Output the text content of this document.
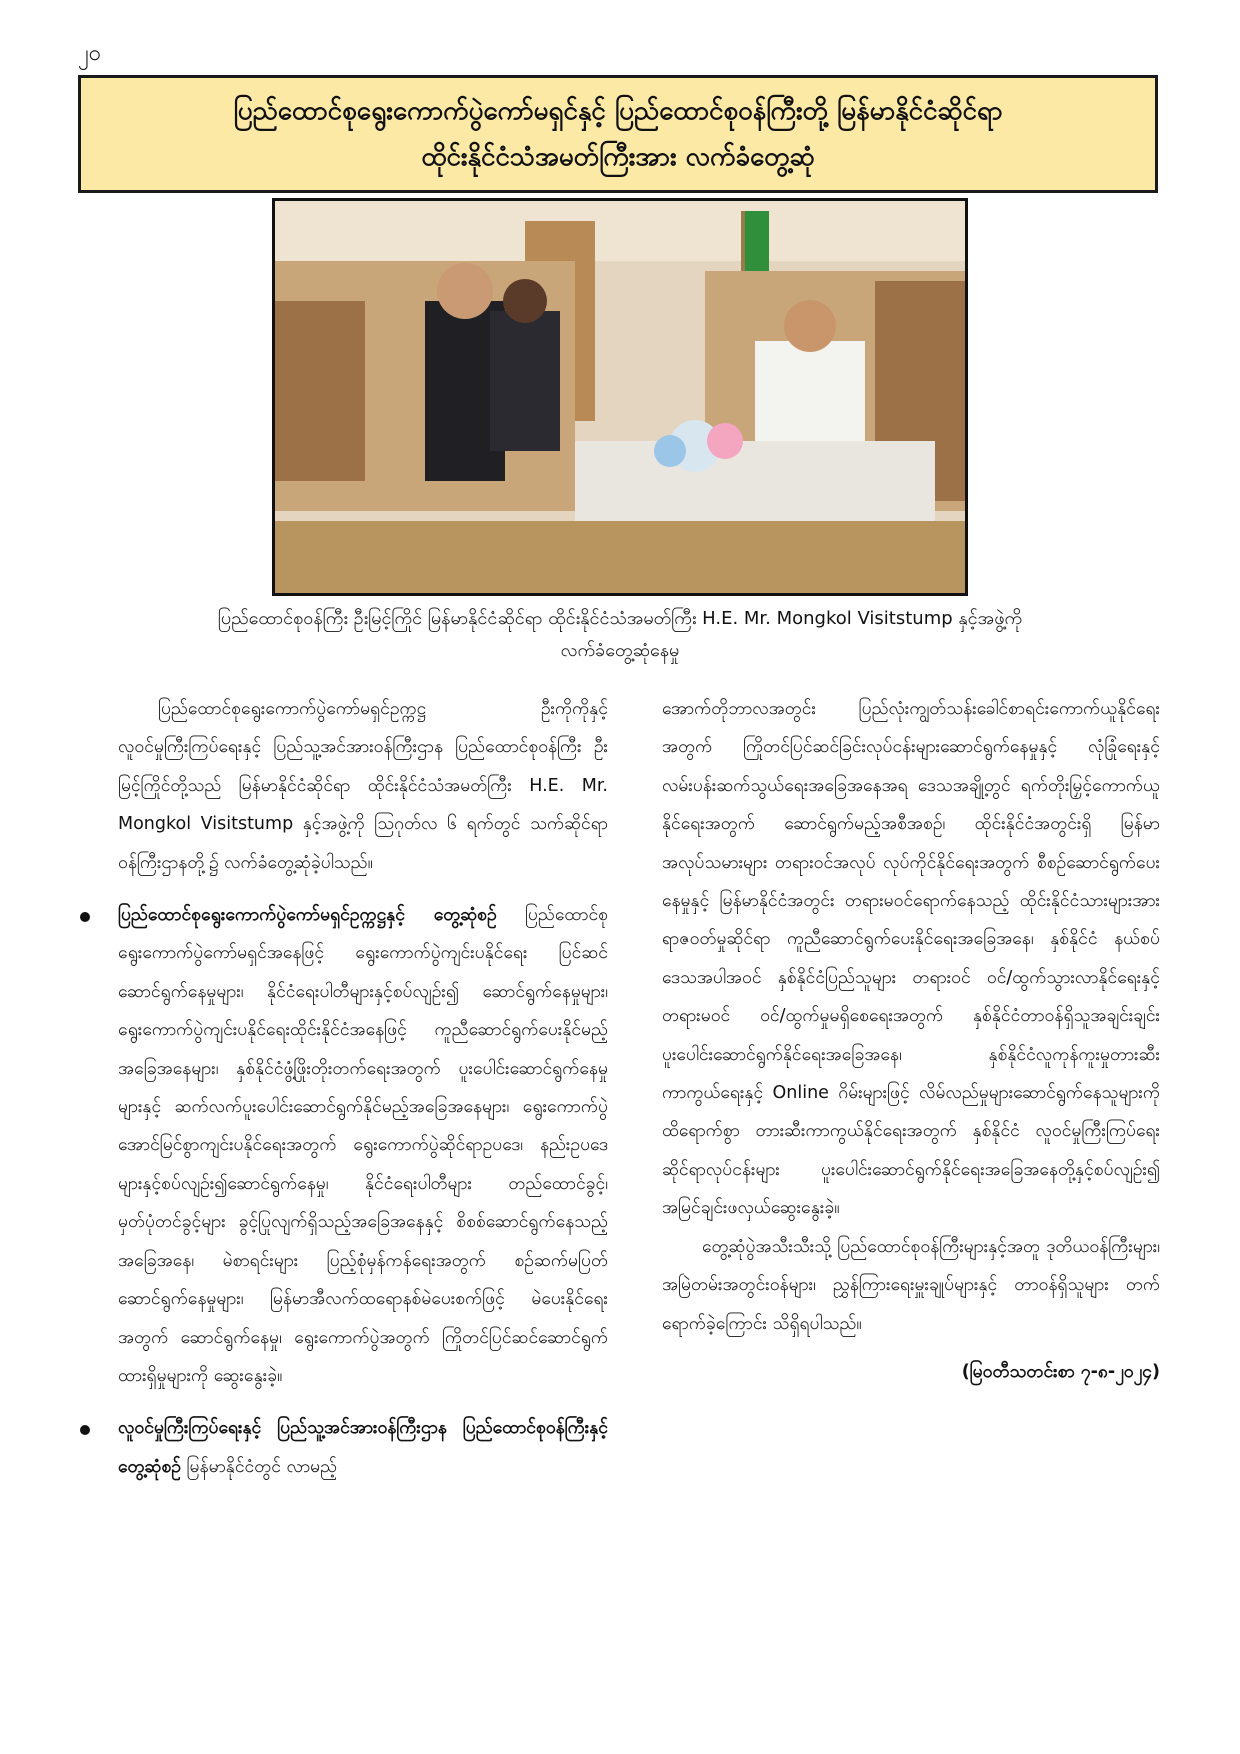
၂၀
ပြည်ထောင်စုရွေးကောက်ပွဲကော်မရှင်နှင့် ပြည်ထောင်စုဝန်ကြီးတို့ မြန်မာနိုင်ငံဆိုင်ရာ
ထိုင်းနိုင်ငံသံအမတ်ကြီးအား လက်ခံတွေ့ဆုံ
ပြည်ထောင်စုဝန်ကြီး ဦးမြင့်ကြိုင် မြန်မာနိုင်ငံဆိုင်ရာ ထိုင်းနိုင်ငံသံအမတ်ကြီး H.E. Mr. Mongkol Visitstump နှင့်အဖွဲ့ကို
လက်ခံတွေ့ဆုံနေမှု

ပြည်ထောင်စုရွေးကောက်ပွဲကော်မရှင်ဥက္ကဋ္ဌ ဦးကိုကိုနှင့် လူဝင်မှုကြီးကြပ်ရေးနှင့် ပြည်သူ့အင်အားဝန်ကြီးဌာန ပြည်ထောင်စုဝန်ကြီး ဦးမြင့်ကြိုင်တို့သည် မြန်မာနိုင်ငံဆိုင်ရာ ထိုင်းနိုင်ငံသံအမတ်ကြီး H.E. Mr. Mongkol Visitstump နှင့်အဖွဲ့ကို ဩဂုတ်လ ၆ ရက်တွင် သက်ဆိုင်ရာဝန်ကြီးဌာနတို့၌ လက်ခံတွေ့ဆုံခဲ့ပါသည်။

ပြည်ထောင်စုရွေးကောက်ပွဲကော်မရှင်ဥက္ကဋ္ဌနှင့် တွေ့ဆုံစဉ် ပြည်ထောင်စုရွေးကောက်ပွဲကော်မရှင်အနေဖြင့် ရွေးကောက်ပွဲကျင်းပနိုင်ရေး ပြင်ဆင်ဆောင်ရွက်နေမှုများ၊ နိုင်ငံရေးပါတီများနှင့်စပ်လျဉ်း၍ ဆောင်ရွက်နေမှုများ၊ ရွေးကောက်ပွဲကျင်းပနိုင်ရေးထိုင်းနိုင်ငံအနေဖြင့် ကူညီဆောင်ရွက်ပေးနိုင်မည့် အခြေအနေများ၊ နှစ်နိုင်ငံဖွံ့ဖြိုးတိုးတက်ရေးအတွက် ပူးပေါင်းဆောင်ရွက်နေမှုများနှင့် ဆက်လက်ပူးပေါင်းဆောင်ရွက်နိုင်မည့်အခြေအနေများ၊ ရွေးကောက်ပွဲ အောင်မြင်စွာကျင်းပနိုင်ရေးအတွက် ရွေးကောက်ပွဲဆိုင်ရာဥပဒေ၊ နည်းဥပဒေများနှင့်စပ်လျဉ်း၍ဆောင်ရွက်နေမှု၊ နိုင်ငံရေးပါတီများ တည်ထောင်ခွင့်၊ မှတ်ပုံတင်ခွင့်များ ခွင့်ပြုလျက်ရှိသည့်အခြေအနေနှင့် စိစစ်ဆောင်ရွက်နေသည့်အခြေအနေ၊ မဲစာရင်းများ ပြည့်စုံမှန်ကန်ရေးအတွက် စဉ်ဆက်မပြတ်ဆောင်ရွက်နေမှုများ၊ မြန်မာအီလက်ထရောနစ်မဲပေးစက်ဖြင့် မဲပေးနိုင်ရေးအတွက် ဆောင်ရွက်နေမှု၊ ရွေးကောက်ပွဲအတွက် ကြိုတင်ပြင်ဆင်ဆောင်ရွက်ထားရှိမှုများကို ဆွေးနွေးခဲ့။

လူဝင်မှုကြီးကြပ်ရေးနှင့် ပြည်သူ့အင်အားဝန်ကြီးဌာန ပြည်ထောင်စုဝန်ကြီးနှင့်တွေ့ဆုံစဉ် မြန်မာနိုင်ငံတွင် လာမည့်

အောက်တိုဘာလအတွင်း ပြည်လုံးကျွတ်သန်းခေါင်စာရင်းကောက်ယူနိုင်ရေးအတွက် ကြိုတင်ပြင်ဆင်ခြင်းလုပ်ငန်းများဆောင်ရွက်နေမှုနှင့် လုံခြုံရေးနှင့် လမ်းပန်းဆက်သွယ်ရေးအခြေအနေအရ ဒေသအချို့တွင် ရက်တိုးမြှင့်ကောက်ယူနိုင်ရေးအတွက် ဆောင်ရွက်မည့်အစီအစဉ်၊ ထိုင်းနိုင်ငံအတွင်းရှိ မြန်မာအလုပ်သမားများ တရားဝင်အလုပ် လုပ်ကိုင်နိုင်ရေးအတွက် စီစဉ်ဆောင်ရွက်ပေးနေမှုနှင့် မြန်မာနိုင်ငံအတွင်း တရားမဝင်ရောက်နေသည့် ထိုင်းနိုင်ငံသားများအား ရာဇဝတ်မှုဆိုင်ရာ ကူညီဆောင်ရွက်ပေးနိုင်ရေးအခြေအနေ၊ နှစ်နိုင်ငံ နယ်စပ်ဒေသအပါအဝင် နှစ်နိုင်ငံပြည်သူများ တရားဝင် ဝင်/ထွက်သွားလာနိုင်ရေးနှင့် တရားမဝင် ဝင်/ထွက်မှုမရှိစေရေးအတွက် နှစ်နိုင်ငံတာဝန်ရှိသူအချင်းချင်း ပူးပေါင်းဆောင်ရွက်နိုင်ရေးအခြေအနေ၊ နှစ်နိုင်ငံလူကုန်ကူးမှုတားဆီးကာကွယ်ရေးနှင့် Online ဂိမ်းများဖြင့် လိမ်လည်မှုများဆောင်ရွက်နေသူများကို ထိရောက်စွာ တားဆီးကာကွယ်နိုင်ရေးအတွက် နှစ်နိုင်ငံ လူဝင်မှုကြီးကြပ်ရေးဆိုင်ရာလုပ်ငန်းများ ပူးပေါင်းဆောင်ရွက်နိုင်ရေးအခြေအနေတို့နှင့်စပ်လျဉ်း၍ အမြင်ချင်းဖလှယ်ဆွေးနွေးခဲ့။

တွေ့ဆုံပွဲအသီးသီးသို့ ပြည်ထောင်စုဝန်ကြီးများနှင့်အတူ ဒုတိယဝန်ကြီးများ၊ အမြဲတမ်းအတွင်းဝန်များ၊ ညွှန်ကြားရေးမှူးချုပ်များနှင့် တာဝန်ရှိသူများ တက်ရောက်ခဲ့ကြောင်း သိရှိရပါသည်။

(မြဝတီသတင်းစာ ၇-၈-၂၀၂၄)
